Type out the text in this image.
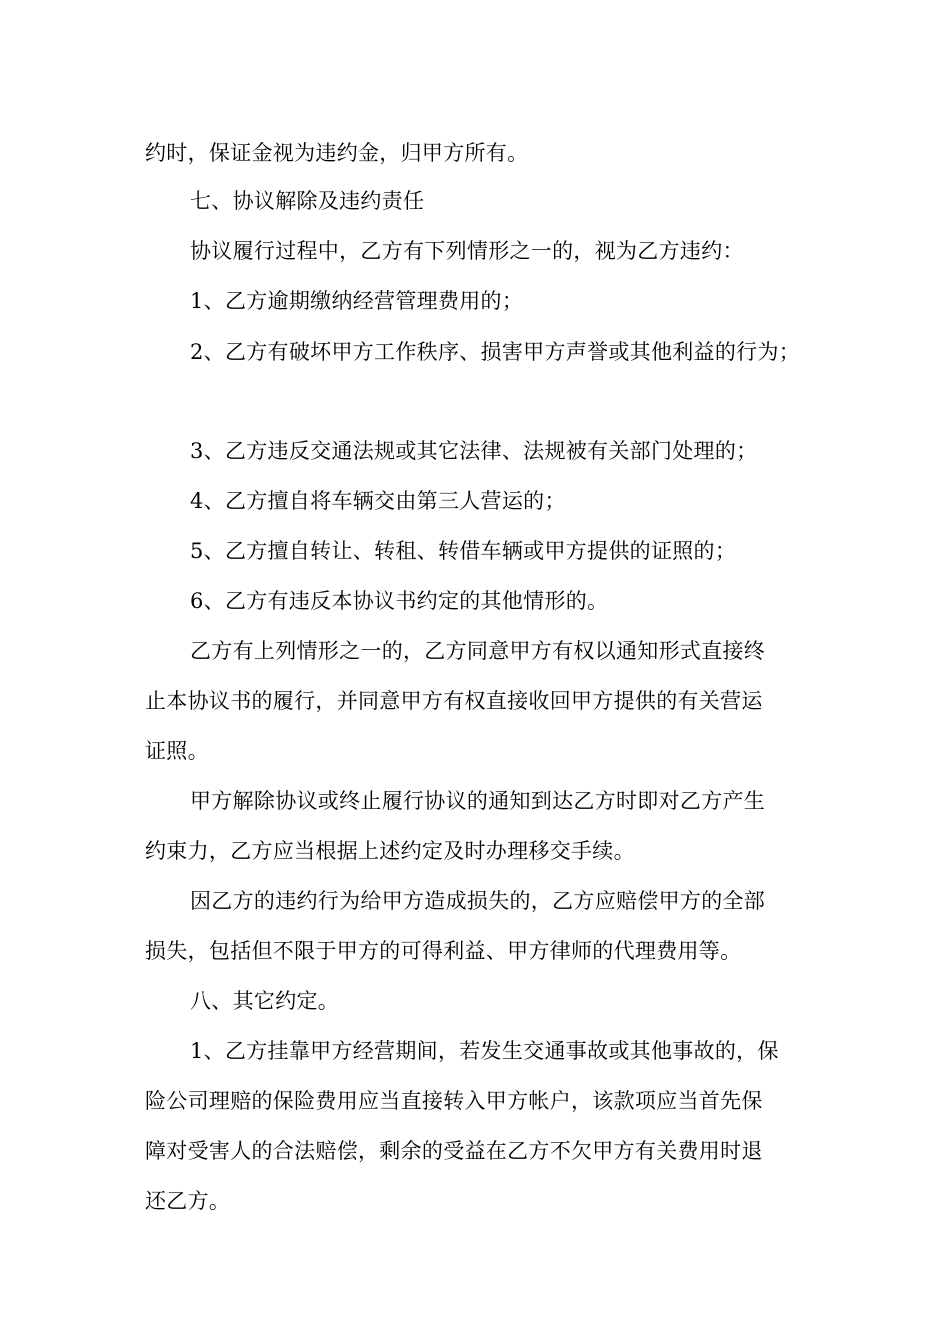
约时，保证金视为违约金，归甲方所有。
七、协议解除及违约责任
协议履行过程中，乙方有下列情形之一的，视为乙方违约：
1、乙方逾期缴纳经营管理费用的；
2、乙方有破坏甲方工作秩序、损害甲方声誉或其他利益的行为；
3、乙方违反交通法规或其它法律、法规被有关部门处理的；
4、乙方擅自将车辆交由第三人营运的；
5、乙方擅自转让、转租、转借车辆或甲方提供的证照的；
6、乙方有违反本协议书约定的其他情形的。
乙方有上列情形之一的，乙方同意甲方有权以通知形式直接终
止本协议书的履行，并同意甲方有权直接收回甲方提供的有关营运
证照。
甲方解除协议或终止履行协议的通知到达乙方时即对乙方产生
约束力，乙方应当根据上述约定及时办理移交手续。
因乙方的违约行为给甲方造成损失的，乙方应赔偿甲方的全部
损失，包括但不限于甲方的可得利益、甲方律师的代理费用等。
八、其它约定。
1、乙方挂靠甲方经营期间，若发生交通事故或其他事故的，保
险公司理赔的保险费用应当直接转入甲方帐户，该款项应当首先保
障对受害人的合法赔偿，剩余的受益在乙方不欠甲方有关费用时退
还乙方。
